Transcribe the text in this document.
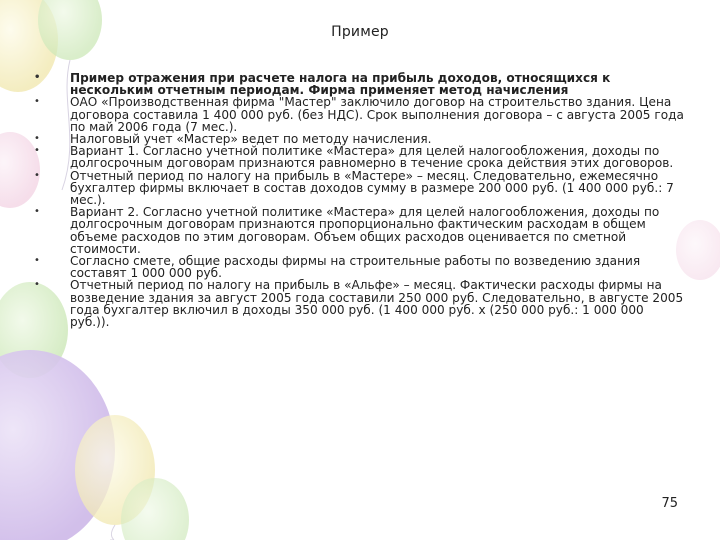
Пример
• Пример отражения при расчете налога на прибыль доходов, относящихся к нескольким отчетным периодам. Фирма применяет метод начисления
• ОАО «Производственная фирма "Мастер" заключило договор на строительство здания. Цена договора составила 1 400 000 руб. (без НДС). Срок выполнения договора – с августа 2005 года по май 2006 года (7 мес.).
• Налоговый учет «Мастер» ведет по методу начисления.
• Вариант 1. Согласно учетной политике «Мастера» для целей налогообложения, доходы по долгосрочным договорам признаются равномерно в течение срока действия этих договоров.
• Отчетный период по налогу на прибыль в «Мастере» – месяц. Следовательно, ежемесячно бухгалтер фирмы включает в состав доходов сумму в размере 200 000 руб. (1 400 000 руб.: 7 мес.).
• Вариант 2. Согласно учетной политике «Мастера» для целей налогообложения, доходы по долгосрочным договорам признаются пропорционально фактическим расходам в общем объеме расходов по этим договорам. Объем общих расходов оценивается по сметной стоимости.
• Согласно смете, общие расходы фирмы на строительные работы по возведению здания составят 1 000 000 руб.
• Отчетный период по налогу на прибыль в «Альфе» – месяц. Фактически расходы фирмы на возведение здания за август 2005 года составили 250 000 руб. Следовательно, в августе 2005 года бухгалтер включил в доходы 350 000 руб. (1 400 000 руб. х (250 000 руб.: 1 000 000 руб.)).
75
